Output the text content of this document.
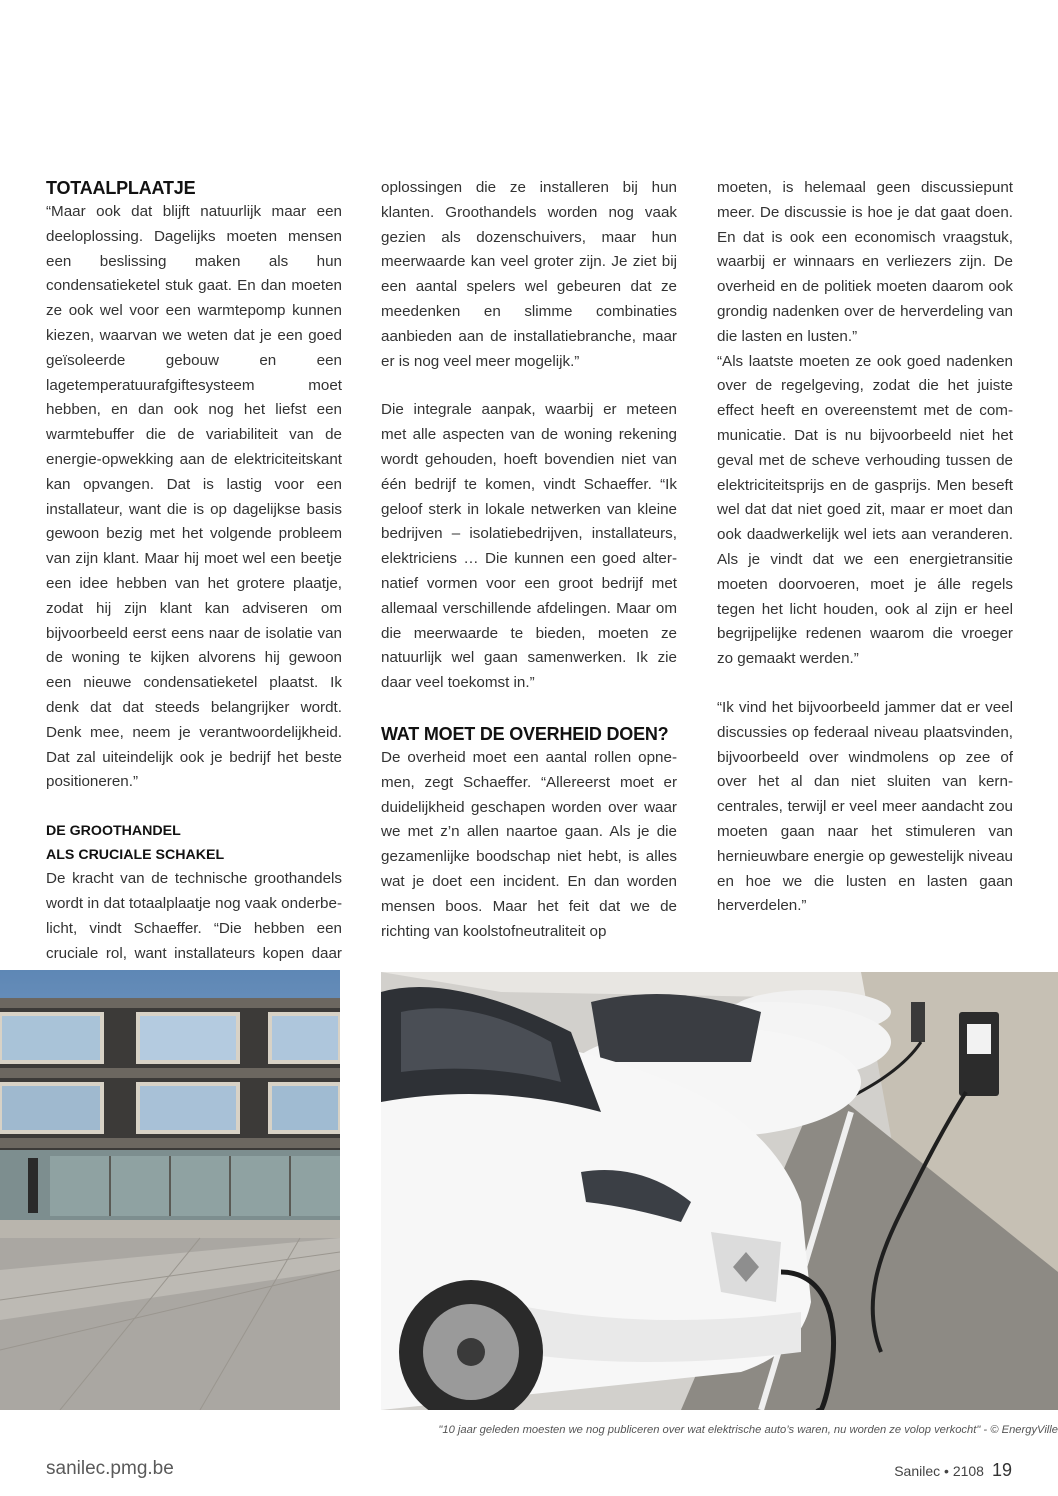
TOTAALPLAATJE

“Maar ook dat blijft natuurlijk maar een deeloplossing. Dagelijks moeten mensen een beslissing maken als hun condensatieketel stuk gaat. En dan moeten ze ook wel voor een warmtepomp kunnen kiezen, waarvan we weten dat je een goed geïsoleerde gebouw en een lagetemperatuurafgiftesysteem moet hebben, en dan ook nog het liefst een warmtebuffer die de variabiliteit van de energie-opwekking aan de elektriciteitskant kan opvangen. Dat is lastig voor een installateur, want die is op dagelijkse basis gewoon bezig met het volgende probleem van zijn klant. Maar hij moet wel een beetje een idee hebben van het grotere plaatje, zodat hij zijn klant kan adviseren om bijvoorbeeld eerst eens naar de isolatie van de woning te kijken alvorens hij gewoon een nieuwe condensatieketel plaatst. Ik denk dat dat steeds belangrijker wordt. Denk mee, neem je verantwoordelijkheid. Dat zal uiteindelijk ook je bedrijf het beste positioneren.”

DE GROOTHANDEL
ALS CRUCIALE SCHAKEL

De kracht van de technische groothandels wordt in dat totaalplaatje nog vaak onderbelicht, vindt Schaeffer. “Die hebben een cruciale rol, want installateurs kopen daar

oplossingen die ze installeren bij hun klanten. Groothandels worden nog vaak gezien als dozenschuivers, maar hun meerwaarde kan veel groter zijn. Je ziet bij een aantal spelers wel gebeuren dat ze meedenken en slimme combinaties aanbieden aan de installatiebranche, maar er is nog veel meer mogelijk.”

Die integrale aanpak, waarbij er meteen met alle aspecten van de woning rekening wordt gehouden, hoeft bovendien niet van één bedrijf te komen, vindt Schaeffer. “Ik geloof sterk in lokale netwerken van kleine bedrijven – isolatiebedrijven, installateurs, elektriciens … Die kunnen een goed alternatief vormen voor een groot bedrijf met allemaal verschillende afdelingen. Maar om die meerwaarde te bieden, moeten ze natuurlijk wel gaan samenwerken. Ik zie daar veel toekomst in.”

WAT MOET DE OVERHEID DOEN?

De overheid moet een aantal rollen opnemen, zegt Schaeffer. “Allereerst moet er duidelijkheid geschapen worden over waar we met z’n allen naartoe gaan. Als je die gezamenlijke boodschap niet hebt, is alles wat je doet een incident. En dan worden mensen boos. Maar het feit dat we de richting van koolstofneutraliteit op

moeten, is helemaal geen discussiepunt meer. De discussie is hoe je dat gaat doen. En dat is ook een economisch vraagstuk, waarbij er winnaars en verliezers zijn. De overheid en de politiek moeten daarom ook grondig nadenken over de herverdeling van die lasten en lusten.”

“Als laatste moeten ze ook goed nadenken over de regelgeving, zodat die het juiste effect heeft en overeenstemt met de communicatie. Dat is nu bijvoorbeeld niet het geval met de scheve verhouding tussen de elektriciteitsprijs en de gasprijs. Men beseft wel dat dat niet goed zit, maar er moet dan ook daadwerkelijk wel iets aan veranderen. Als je vindt dat we een energietransitie moeten doorvoeren, moet je álle regels tegen het licht houden, ook al zijn er heel begrijpelijke redenen waarom die vroeger zo gemaakt werden.”

“Ik vind het bijvoorbeeld jammer dat er veel discussies op federaal niveau plaatsvinden, bijvoorbeeld over windmolens op zee of over het al dan niet sluiten van kerncentrales, terwijl er veel meer aandacht zou moeten gaan naar het stimuleren van hernieuwbare energie op gewestelijk niveau en hoe we die lusten en lasten gaan herverdelen.”

"10 jaar geleden moesten we nog publiceren over wat elektrische auto’s waren, nu worden ze volop verkocht" - © EnergyVille
sanilec.pmg.be	Sanilec • 2108 19
